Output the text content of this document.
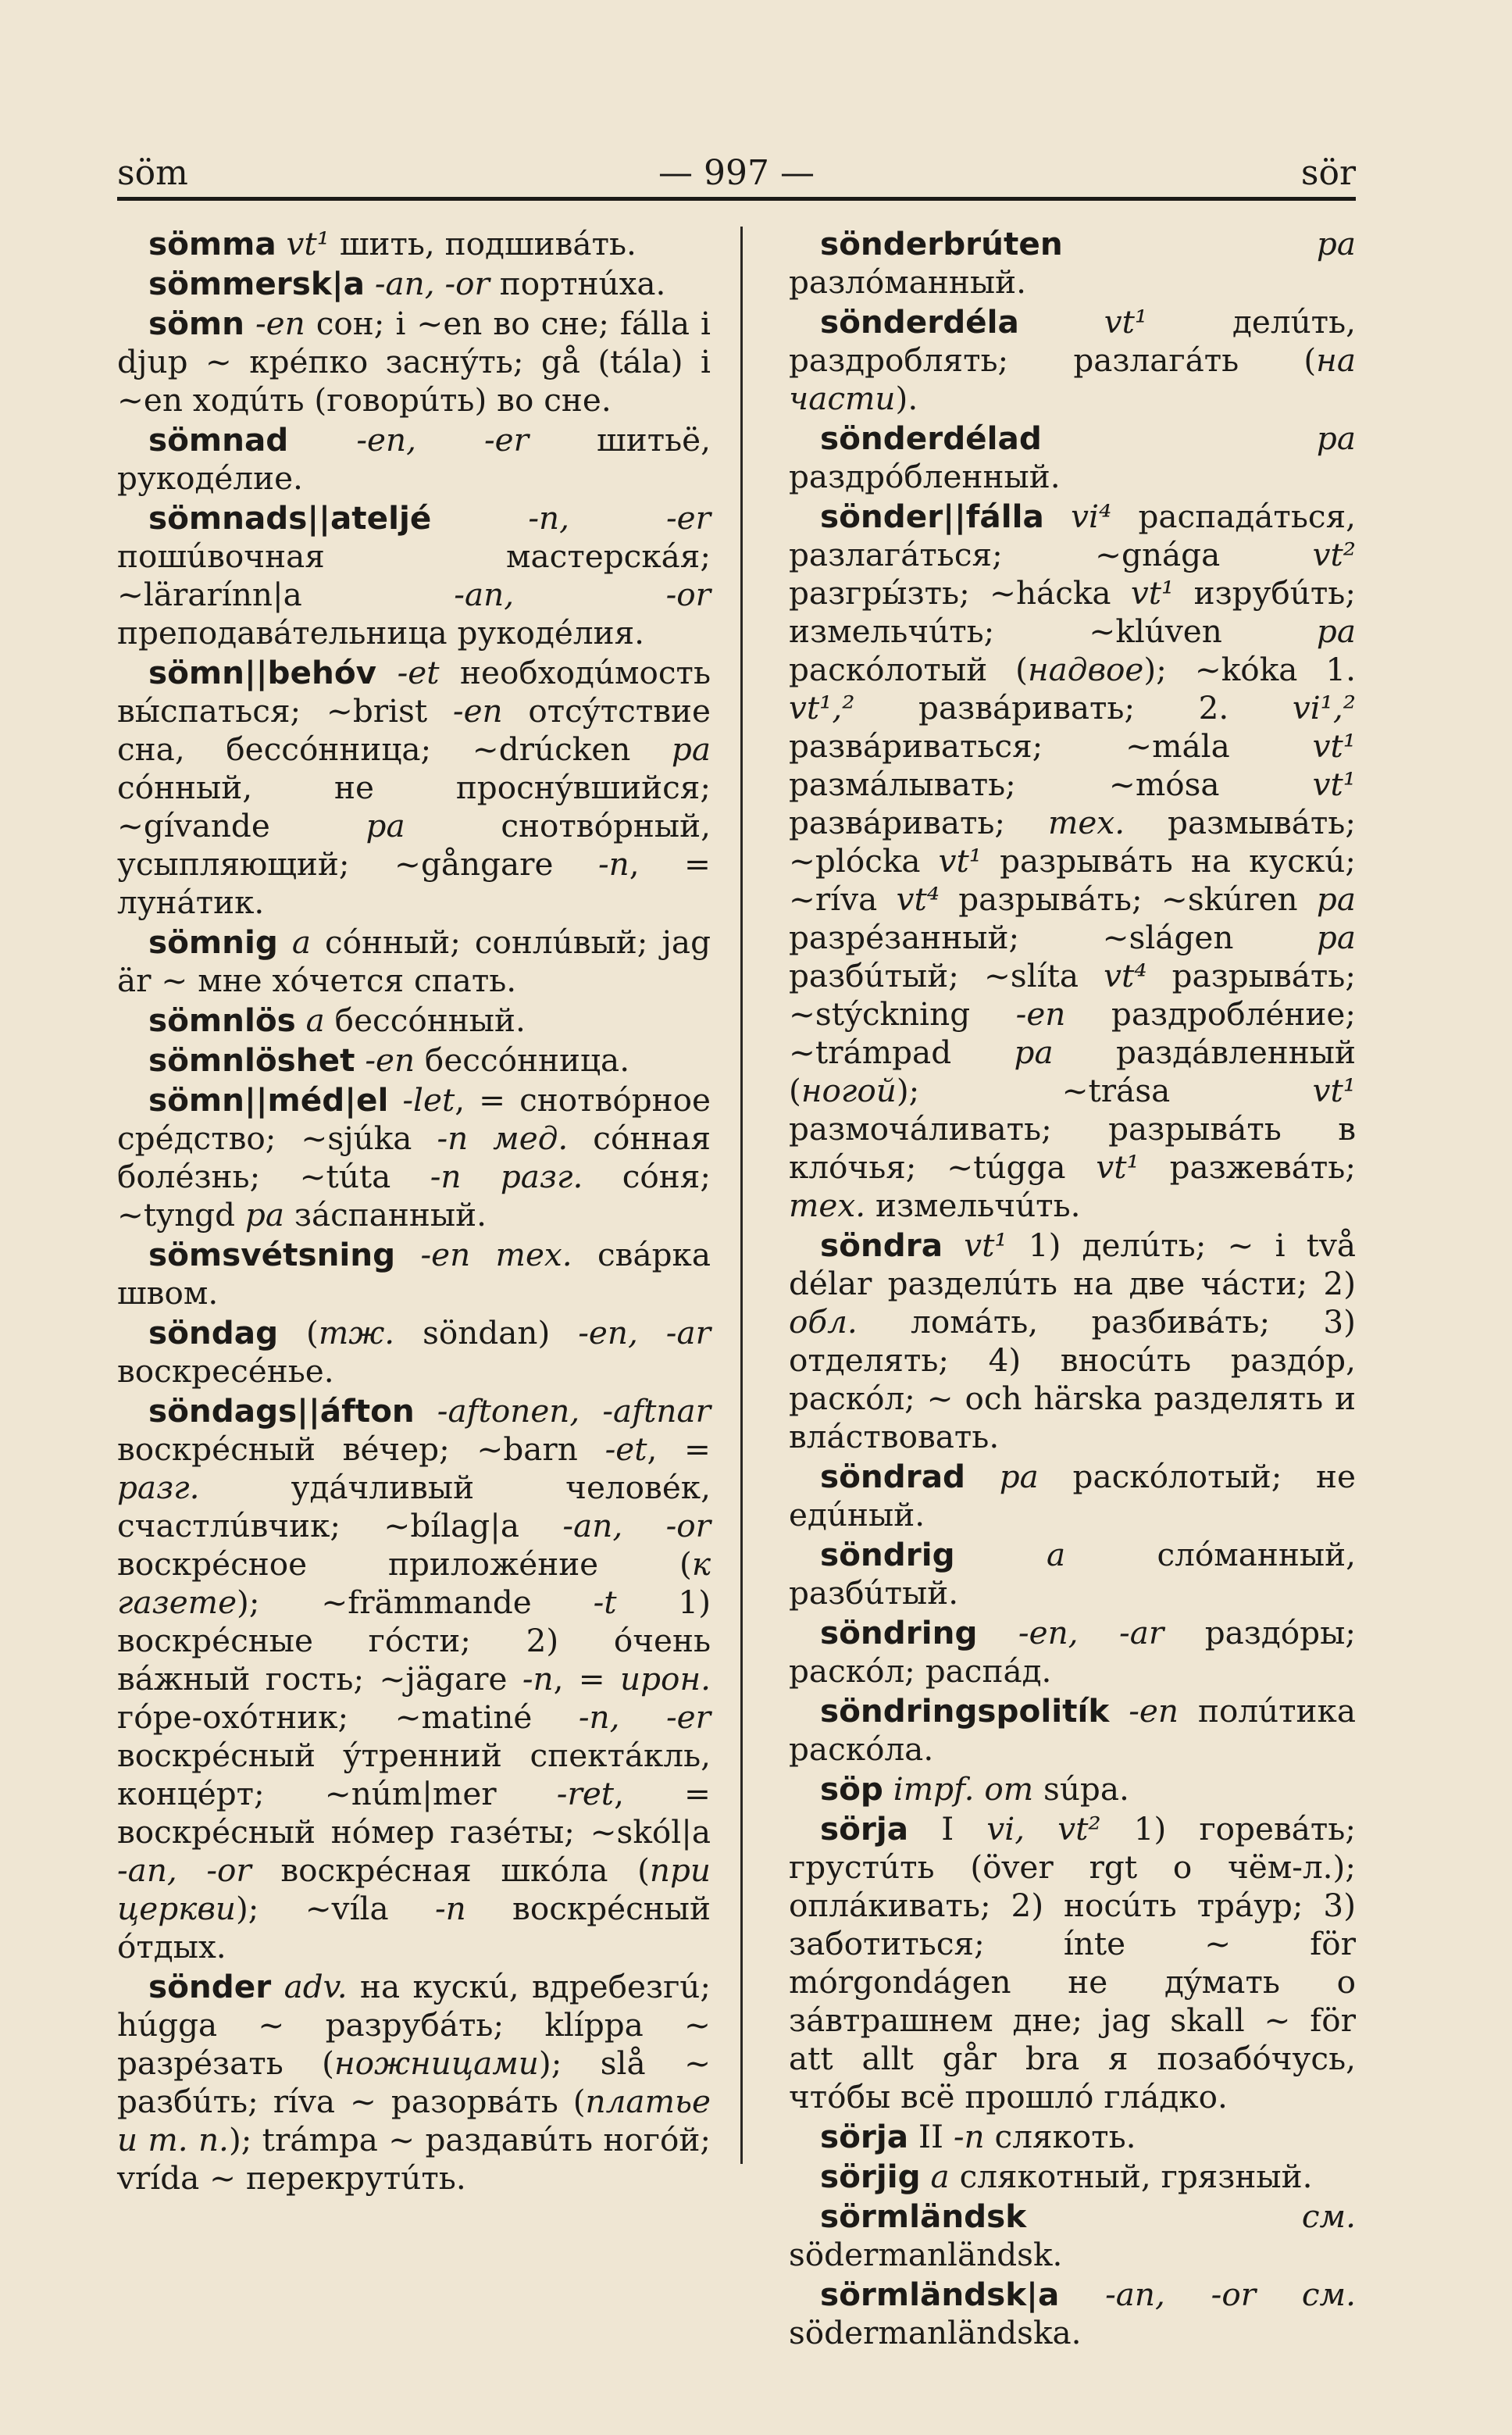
söm	— 997 —	sör
sömma vt¹ шить, подшивáть.
sömmersk|a -an, -or портнúха.
sömn -en сон; i ~en во сне; fálla i djup ~ крéпко заснýть; gå (tála) i ~en ходúть (говорúть) во сне.
sömnad -en, -er шитьё, рукодéлие.
sömnads||ateljé	-n, -er пошúвочная мастерскáя; ~lärarínn|a -an, -or преподавáтельница рукодéлия.
sömn||behóv -et необходúмость вы́спаться; ~brist -en отсýтствие сна, бессóнница; ~drúcken pa сóнный, не проснýвшийся; ~gívande pa снотвóрный, усыпляющий; ~gångare -n, = лунáтик.
sömnig a сóнный; сонлúвый; jag är ~ мне хóчется спать.
sömnlös a бессóнный.
sömnlöshet -en бессóнница.
sömn||méd|el -let, = снотвóрное срéдство; ~sjúka -n мед. сóнная болéзнь; ~túta -n разг. сóня; ~tyngd pa зáспанный.
sömsvétsning -en тех. свáрка швом.
söndag (тж. söndan) -en, -ar воскресéнье.
söndags||áfton -aftonen, -aftnar воскрéсный вéчер; ~barn -et, = разг. удáчливый человéк, счастлúвчик; ~bílag|a -an, -or воскрéсное приложéние (к газете); ~främmande -t 1) воскрéсные гóсти; 2) óчень вáжный гость; ~jägare -n, = ирон. гóре-охóтник; ~matiné -n, -er воскрéсный ýтренний спектáкль, концéрт; ~núm|mer -ret, = воскрéсный нóмер газéты; ~skól|a -an, -or воскрéсная шкóла (при церкви); ~víla -n воскрéсный óтдых.
sönder adv. на кускú, вдребезгú; húgga ~ разрубáть; klíppa ~ разрéзать (ножницами); slå ~ разбúть; ríva ~ разорвáть (платье и т. п.); trámpa ~ раздавúть ногóй; vrída ~ перекрутúть.
sönderbrúten	pa разлóманный.
sönderdéla	vt¹ делúть, раздроблять; разлагáть (на части).
sönderdélad	pa раздрóбленный.
sönder||fálla vi⁴ распадáться, разлагáться; ~gnága vt² разгры́зть; ~hácka vt¹ изрубúть; измельчúть; ~klúven pa раскóлотый (надвое); ~kóka 1. vt¹,² развáривать; 2. vi¹,² развáриваться; ~mála vt¹ размáлывать; ~mósa vt¹ развáривать; тех. размывáть; ~plócka vt¹ разрывáть на кускú; ~ríva vt⁴ разрывáть; ~skúren pa разрéзанный; ~slágen pa разбúтый; ~slíta vt⁴ разрывáть; ~stýckning -en раздроблéние; ~trámpad pa раздáвленный (ногой); ~trása vt¹ размочáливать; разрывáть в клóчья; ~túgga vt¹ разжевáть; тех. измельчúть.
söndra vt¹ 1) делúть; ~ i två délar разделúть на две чáсти; 2) обл. ломáть, разбивáть; 3) отделять; 4) вносúть раздóр, раскóл; ~ och härska разделять и влáствовать.
söndrad pa раскóлотый; не едúный.
söndrig	a слóманный, разбúтый.
söndring -en, -ar раздóры; раскóл; распáд.
söndringspolitík -en полúтика раскóла.
söp impf. om súpa.
sörja I vi, vt² 1) горевáть; грустúть (över rgt о чём-л.); оплáкивать; 2) носúть трáур; 3) заботиться; ínte ~ för mórgondágen не дýмать о зáвтрашнем дне; jag skall ~ för att allt går bra я позабóчусь, чтóбы всё прошлó глáдко.
sörja II -n слякоть.
sörjig a слякотный, грязный.
sörmländsk	см. södermanländsk.
sörmländsk|a -an, -or см. södermanländska.
